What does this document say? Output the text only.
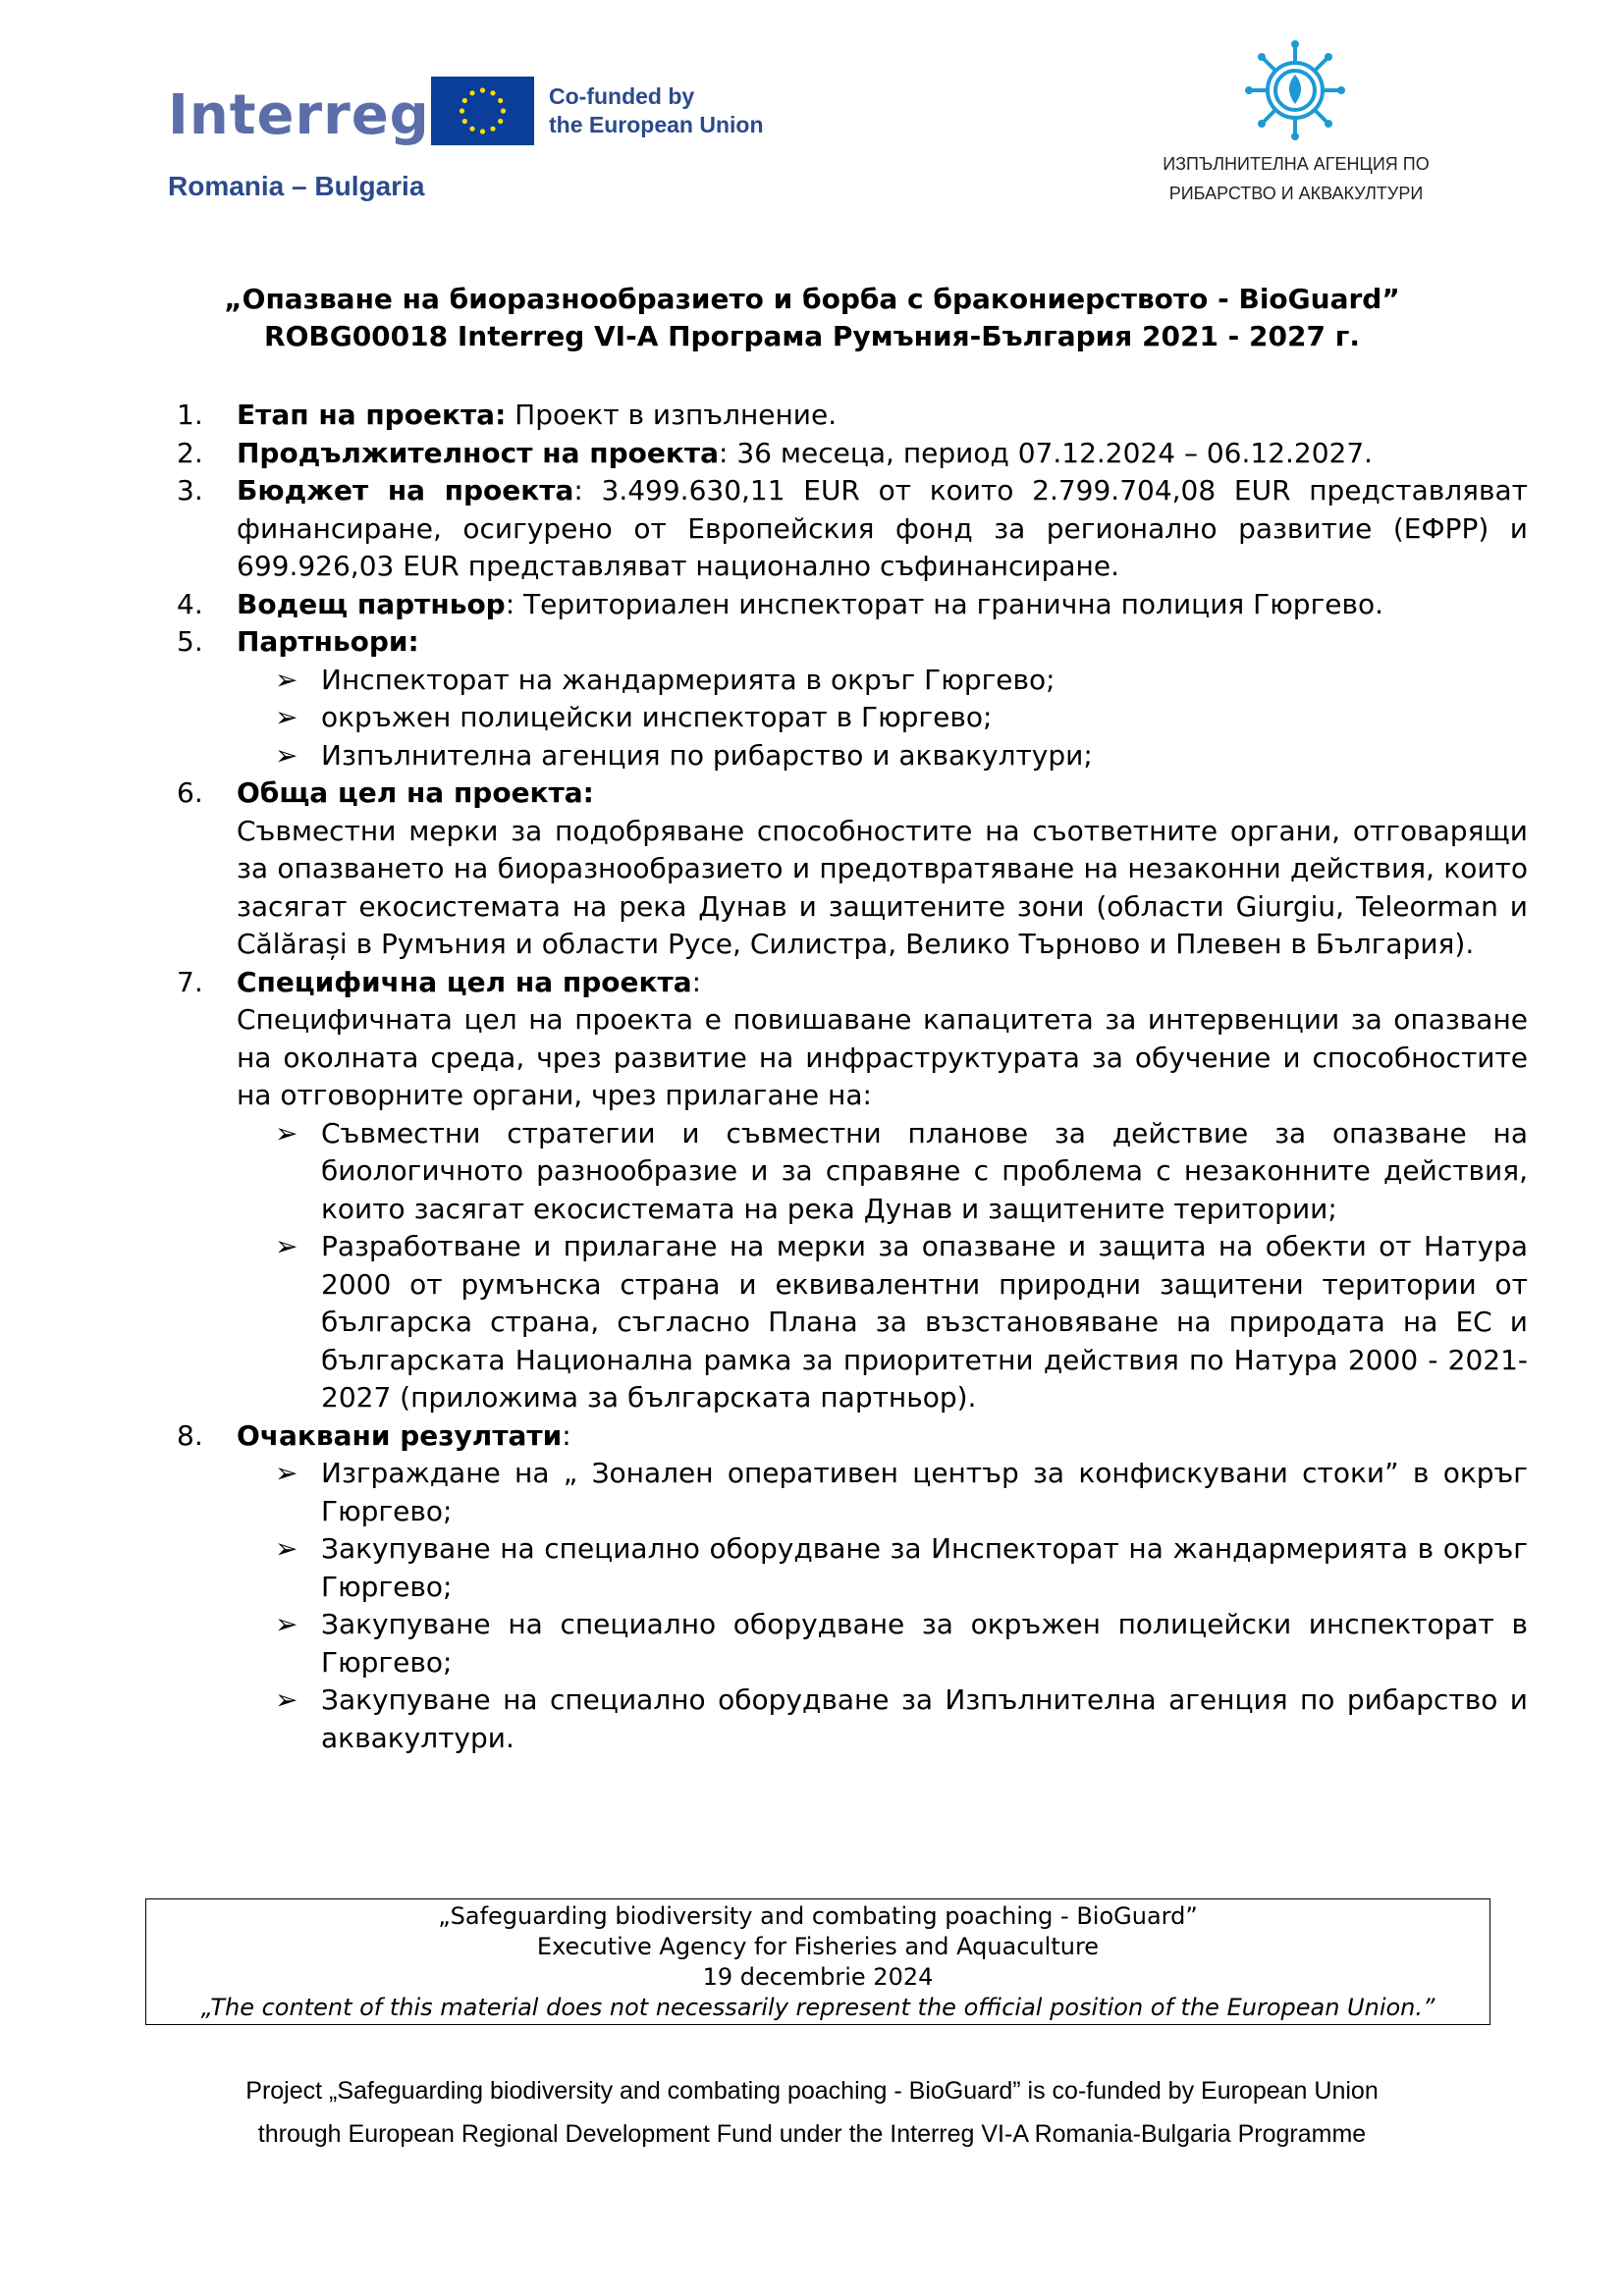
Interreg	Co-funded by
the European Union
Romania – Bulgaria
ИЗПЪЛНИТЕЛНА АГЕНЦИЯ ПО
РИБАРСТВО И АКВАКУЛТУРИ
„Опазване на биоразнообразието и борба с бракониерството - BioGuard”
ROBG00018 Interreg VI-A Програма Румъния-България 2021 - 2027 г.
1.	Етап на проекта: Проект в изпълнение.
2.	Продължителност на проекта: 36 месеца, период 07.12.2024 – 06.12.2027.
3.	Бюджет на проекта: 3.499.630,11 EUR от които 2.799.704,08 EUR представляват финансиране, осигурено от Европейския фонд за регионално развитие (ЕФРР) и 699.926,03 EUR представляват национално съфинансиране.
4.	Водещ партньор: Териториален инспекторат на гранична полиция Гюргево.
5.	Партньори:
➢ Инспекторат на жандармерията в окръг Гюргево;
➢ окръжен полицейски инспекторат в Гюргево;
➢ Изпълнителна агенция по рибарство и аквакултури;
6.	Обща цел на проекта:
Съвместни мерки за подобряване способностите на съответните органи, отговарящи за опазването на биоразнообразието и предотвратяване на незаконни действия, които засягат екосистемата на река Дунав и защитените зони (области Giurgiu, Teleorman и Călărași в Румъния и области Русе, Силистра, Велико Търново и Плевен в България).
7.	Специфична цел на проекта:
Специфичната цел на проекта е повишаване капацитета за интервенции за опазване на околната среда, чрез развитие на инфраструктурата за обучение и способностите на отговорните органи, чрез прилагане на:
➢ Съвместни стратегии и съвместни планове за действие за опазване на биологичното разнообразие и за справяне с проблема с незаконните действия, които засягат екосистемата на река Дунав и защитените територии;
➢ Разработване и прилагане на мерки за опазване и защита на обекти от Натура 2000 от румънска страна и еквивалентни природни защитени територии от българска страна, съгласно Плана за възстановяване на природата на ЕС и българската Национална рамка за приоритетни действия по Натура 2000 - 2021-2027 (приложима за българската партньор).
8.	Очаквани резултати:
➢ Изграждане на „ Зонален оперативен център за конфискувани стоки” в окръг Гюргево;
➢ Закупуване на специално оборудване за Инспекторат на жандармерията в окръг Гюргево;
➢ Закупуване на специално оборудване за окръжен полицейски инспекторат в Гюргево;
➢ Закупуване на специално оборудване за Изпълнителна агенция по рибарство и аквакултури.
„Safeguarding biodiversity and combating poaching - BioGuard”
Executive Agency for Fisheries and Aquaculture
19 decembrie 2024
„The content of this material does not necessarily represent the official position of the European Union.”
Project „Safeguarding biodiversity and combating poaching - BioGuard” is co-funded by European Union
through European Regional Development Fund under the Interreg VI-A Romania-Bulgaria Programme
